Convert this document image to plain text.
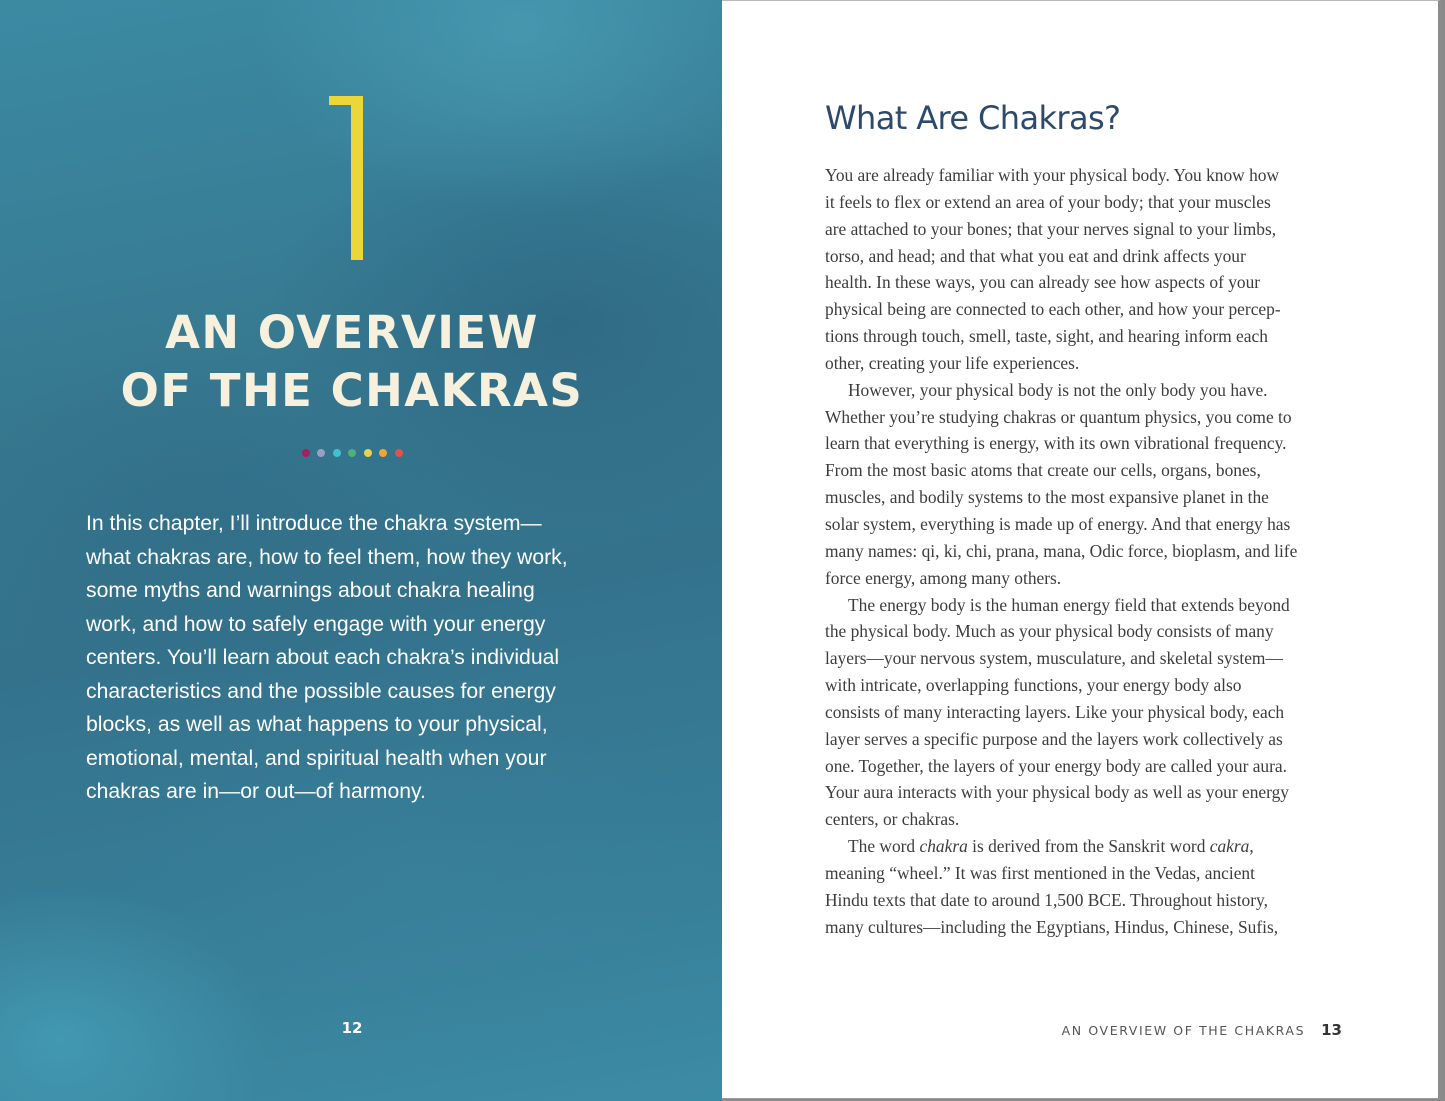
AN OVERVIEW
OF THE CHAKRAS

In this chapter, I’ll introduce the chakra system—
what chakras are, how to feel them, how they work,
some myths and warnings about chakra healing
work, and how to safely engage with your energy
centers. You’ll learn about each chakra’s individual
characteristics and the possible causes for energy
blocks, as well as what happens to your physical,
emotional, mental, and spiritual health when your
chakras are in—or out—of harmony.

12
What Are Chakras?

You are already familiar with your physical body. You know how
it feels to flex or extend an area of your body; that your muscles
are attached to your bones; that your nerves signal to your limbs,
torso, and head; and that what you eat and drink affects your
health. In these ways, you can already see how aspects of your
physical being are connected to each other, and how your percep-
tions through touch, smell, taste, sight, and hearing inform each
other, creating your life experiences.

However, your physical body is not the only body you have.
Whether you’re studying chakras or quantum physics, you come to
learn that everything is energy, with its own vibrational frequency.
From the most basic atoms that create our cells, organs, bones,
muscles, and bodily systems to the most expansive planet in the
solar system, everything is made up of energy. And that energy has
many names: qi, ki, chi, prana, mana, Odic force, bioplasm, and life
force energy, among many others.

The energy body is the human energy field that extends beyond
the physical body. Much as your physical body consists of many
layers—your nervous system, musculature, and skeletal system—
with intricate, overlapping functions, your energy body also
consists of many interacting layers. Like your physical body, each
layer serves a specific purpose and the layers work collectively as
one. Together, the layers of your energy body are called your aura.
Your aura interacts with your physical body as well as your energy
centers, or chakras.

The word chakra is derived from the Sanskrit word cakra,
meaning “wheel.” It was first mentioned in the Vedas, ancient
Hindu texts that date to around 1,500 BCE. Throughout history,
many cultures—including the Egyptians, Hindus, Chinese, Sufis,

AN OVERVIEW OF THE CHAKRAS 13
